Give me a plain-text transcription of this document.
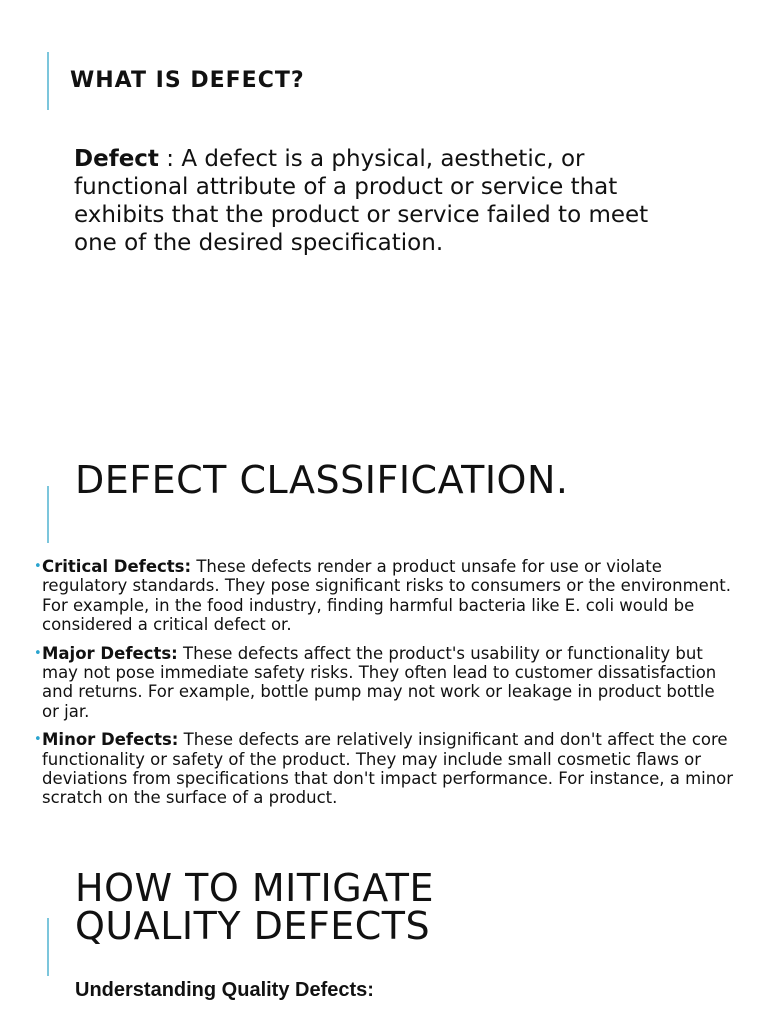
WHAT IS DEFECT?

Defect : A defect is a physical, aesthetic, or functional attribute of a product or service that exhibits that the product or service failed to meet one of the desired specification.

DEFECT CLASSIFICATION.
• Critical Defects: These defects render a product unsafe for use or violate regulatory standards. They pose significant risks to consumers or the environment. For example, in the food industry, finding harmful bacteria like E. coli would be considered a critical defect or.
• Major Defects: These defects affect the product's usability or functionality but may not pose immediate safety risks. They often lead to customer dissatisfaction and returns. For example, bottle pump may not work or leakage in product bottle or jar.
• Minor Defects: These defects are relatively insignificant and don't affect the core functionality or safety of the product. They may include small cosmetic flaws or deviations from specifications that don't impact performance. For instance, a minor scratch on the surface of a product.
HOW TO MITIGATE
QUALITY DEFECTS
Understanding Quality Defects:
